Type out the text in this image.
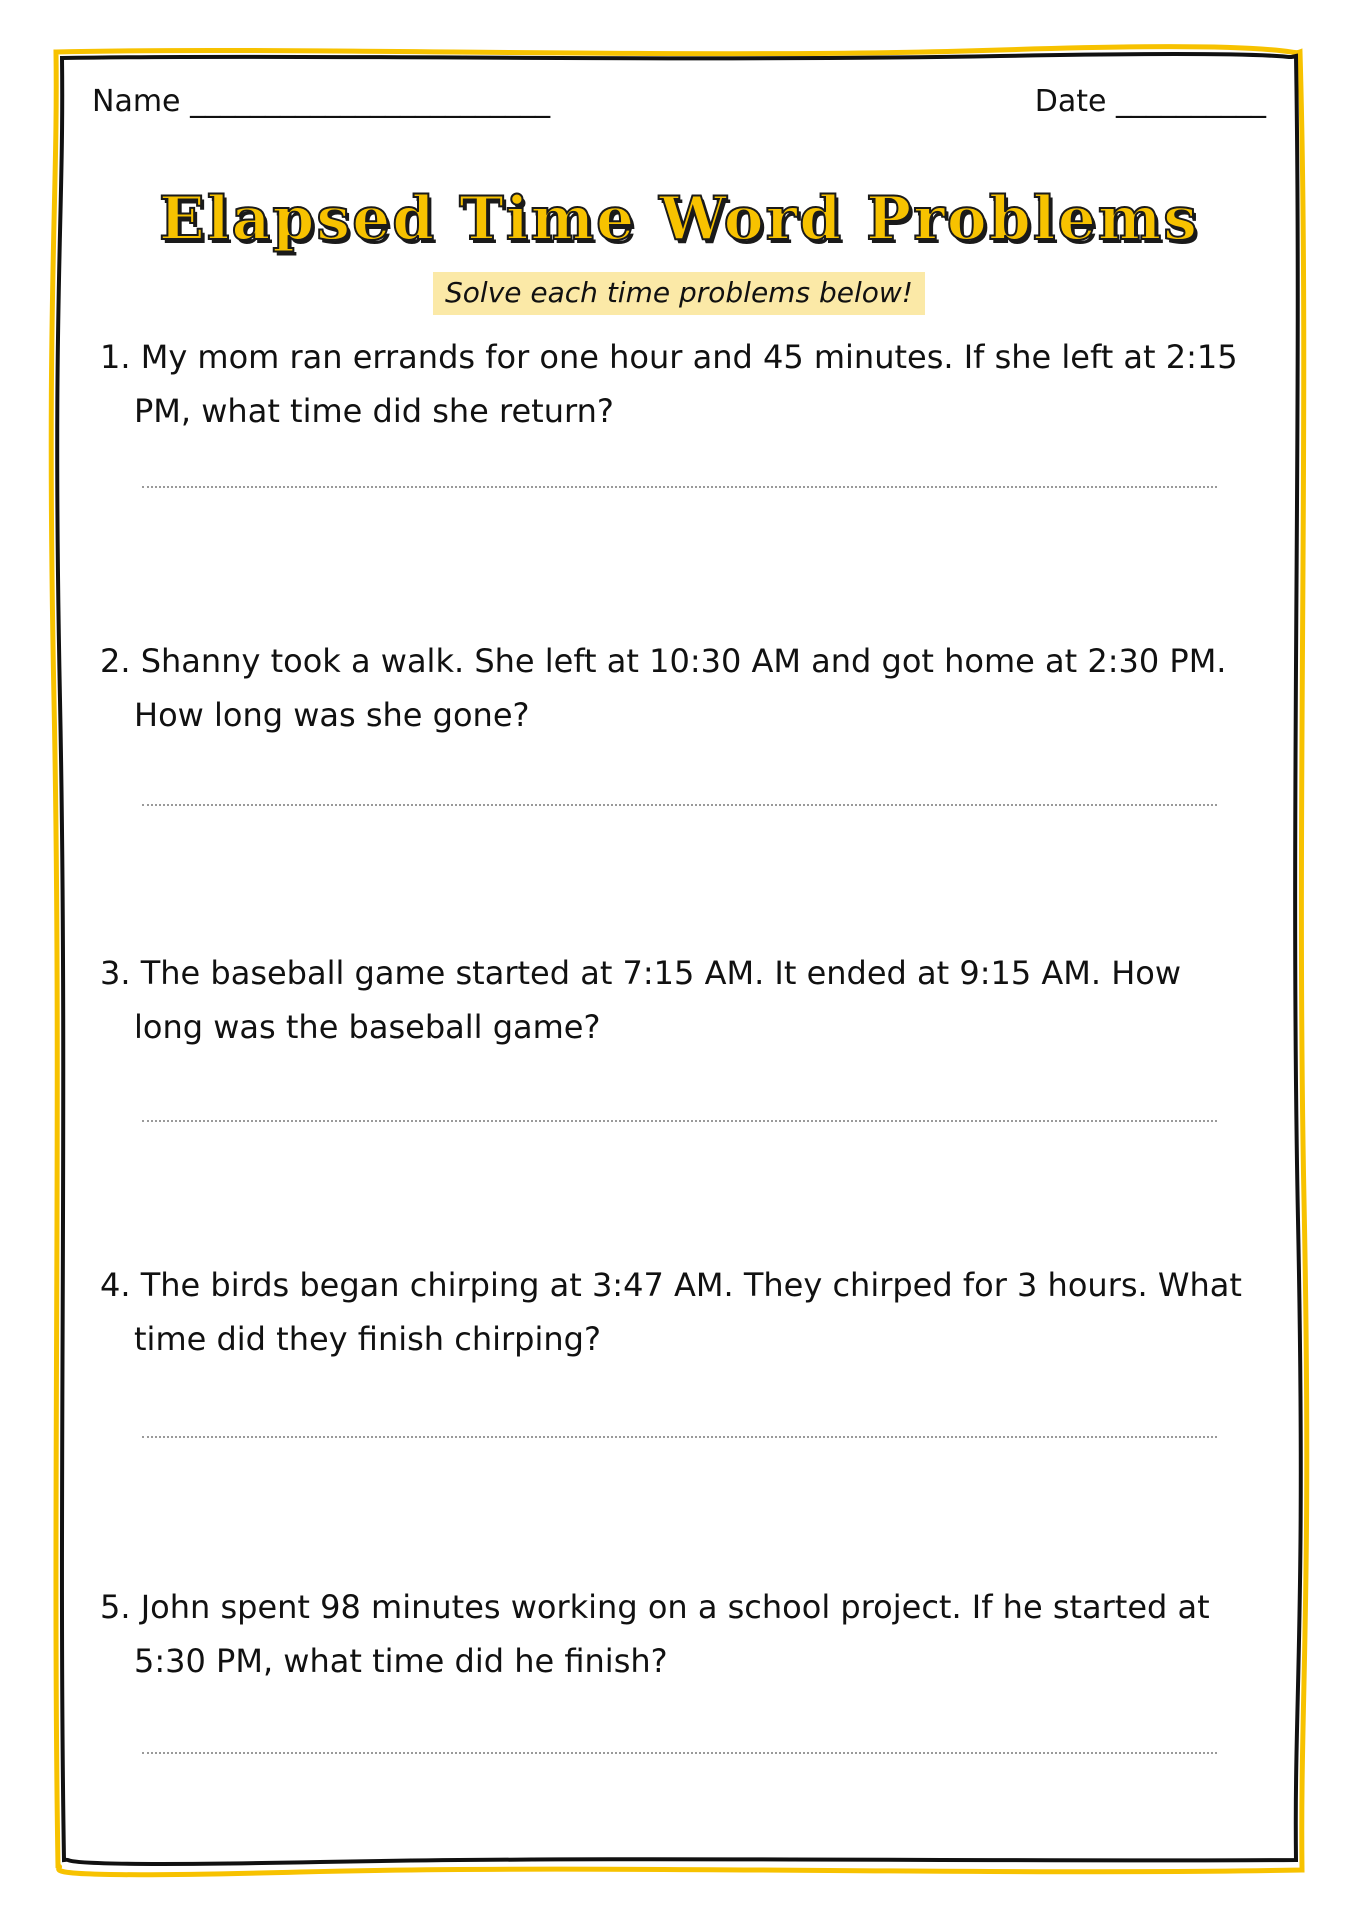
Name ________________________	Date __________
Elapsed Time Word Problems
Solve each time problems below!

1. My mom ran errands for one hour and 45 minutes. If she left at 2:15 PM, what time did she return?

2. Shanny took a walk. She left at 10:30 AM and got home at 2:30 PM. How long was she gone?

3. The baseball game started at 7:15 AM. It ended at 9:15 AM. How long was the baseball game?

4. The birds began chirping at 3:47 AM. They chirped for 3 hours. What time did they finish chirping?

5. John spent 98 minutes working on a school project. If he started at 5:30 PM, what time did he finish?
